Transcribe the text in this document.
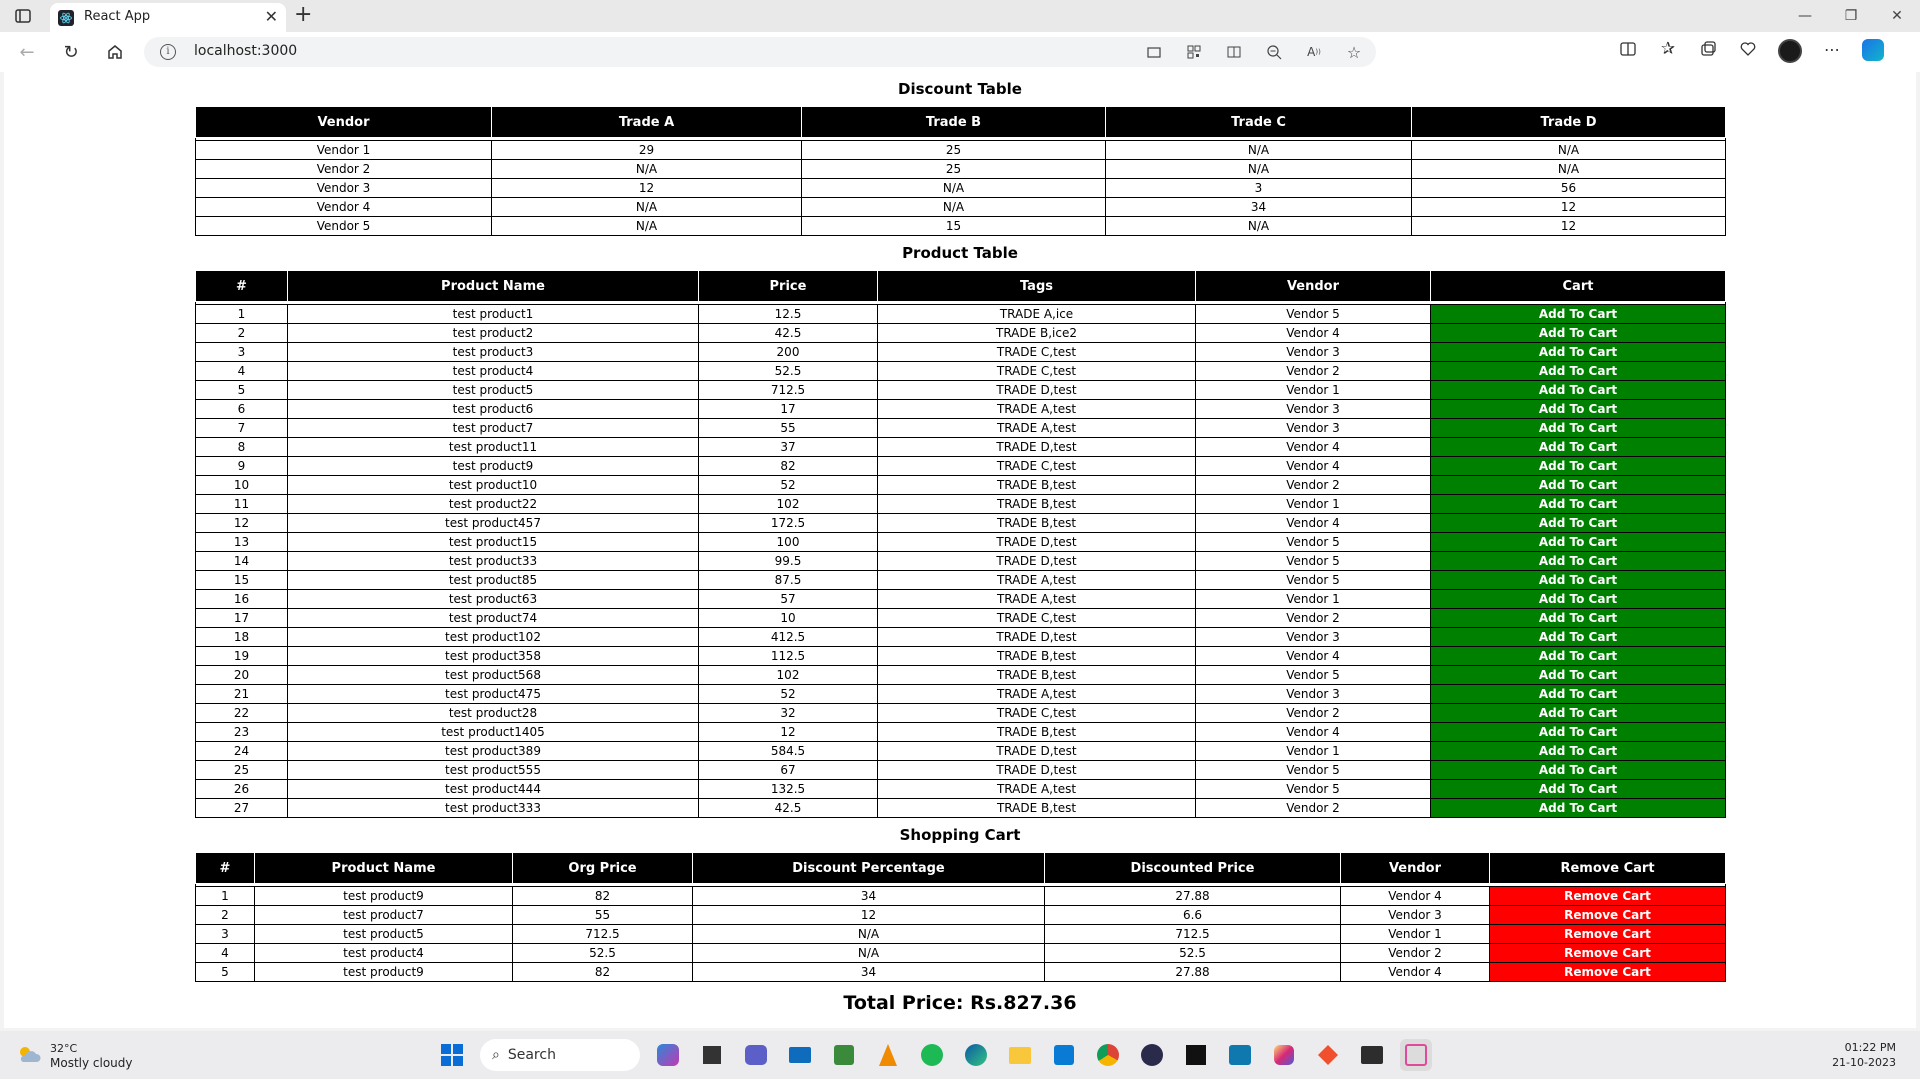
React App	✕ +	—	❐	✕
← ↻	i	localhost:3000	A )) ☆	✰	⋯
Discount Table
Vendor	Trade A	Trade B	Trade C	Trade D

Vendor 1	29	25	N/A	N/A
Vendor 2	N/A	25	N/A	N/A
Vendor 3	12	N/A	3	56
Vendor 4	N/A	N/A	34	12
Vendor 5	N/A	15	N/A	12
Product Table
#	Product Name	Price	Tags	Vendor	Cart

1	test product1	12.5	TRADE A,ice	Vendor 5	Add To Cart
2	test product2	42.5	TRADE B,ice2	Vendor 4	Add To Cart
3	test product3	200	TRADE C,test	Vendor 3	Add To Cart
4	test product4	52.5	TRADE C,test	Vendor 2	Add To Cart
5	test product5	712.5	TRADE D,test	Vendor 1	Add To Cart
6	test product6	17	TRADE A,test	Vendor 3	Add To Cart
7	test product7	55	TRADE A,test	Vendor 3	Add To Cart
8	test product11	37	TRADE D,test	Vendor 4	Add To Cart
9	test product9	82	TRADE C,test	Vendor 4	Add To Cart
10	test product10	52	TRADE B,test	Vendor 2	Add To Cart
11	test product22	102	TRADE B,test	Vendor 1	Add To Cart
12	test product457	172.5	TRADE B,test	Vendor 4	Add To Cart
13	test product15	100	TRADE D,test	Vendor 5	Add To Cart
14	test product33	99.5	TRADE D,test	Vendor 5	Add To Cart
15	test product85	87.5	TRADE A,test	Vendor 5	Add To Cart
16	test product63	57	TRADE A,test	Vendor 1	Add To Cart
17	test product74	10	TRADE C,test	Vendor 2	Add To Cart
18	test product102	412.5	TRADE D,test	Vendor 3	Add To Cart
19	test product358	112.5	TRADE B,test	Vendor 4	Add To Cart
20	test product568	102	TRADE B,test	Vendor 5	Add To Cart
21	test product475	52	TRADE A,test	Vendor 3	Add To Cart
22	test product28	32	TRADE C,test	Vendor 2	Add To Cart
23	test product1405	12	TRADE B,test	Vendor 4	Add To Cart
24	test product389	584.5	TRADE D,test	Vendor 1	Add To Cart
25	test product555	67	TRADE D,test	Vendor 5	Add To Cart
26	test product444	132.5	TRADE A,test	Vendor 5	Add To Cart
27	test product333	42.5	TRADE B,test	Vendor 2	Add To Cart
Shopping Cart
#	Product Name	Org Price	Discount Percentage	Discounted Price	Vendor	Remove Cart

1	test product9	82	34	27.88	Vendor 4	Remove Cart
2	test product7	55	12	6.6	Vendor 3	Remove Cart
3	test product5	712.5	N/A	712.5	Vendor 1	Remove Cart
4	test product4	52.5	N/A	52.5	Vendor 2	Remove Cart
5	test product9	82	34	27.88	Vendor 4	Remove Cart
Total Price: Rs.827.36
32°C
Mostly cloudy	⌕ Search	01:22 PM
21-10-2023
